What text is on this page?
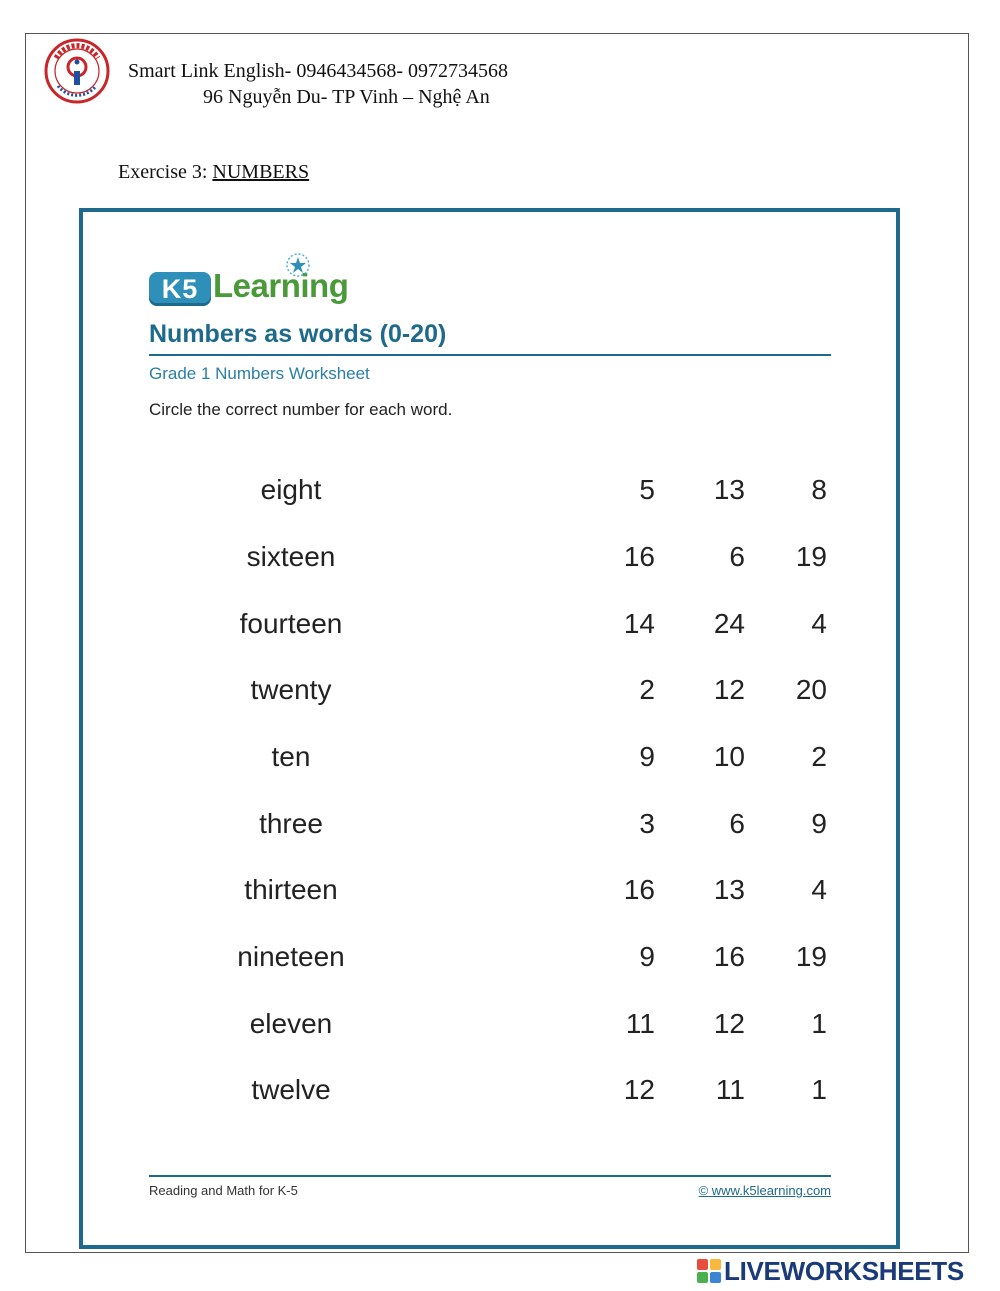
Smart Link English- 0946434568- 0972734568
96 Nguyễn Du- TP Vinh – Nghệ An
Exercise 3: NUMBERS
K5 Learning
Numbers as words (0-20)
Grade 1 Numbers Worksheet
Circle the correct number for each word.
eight	5	13	8
sixteen	16	6	19
fourteen	14	24	4
twenty	2	12	20
ten	9	10	2
three	3	6	9
thirteen	16	13	4
nineteen	9	16	19
eleven	11	12	1
twelve	12	11	1
Reading and Math for K-5	© www.k5learning.com
LIVEWORKSHEETS
